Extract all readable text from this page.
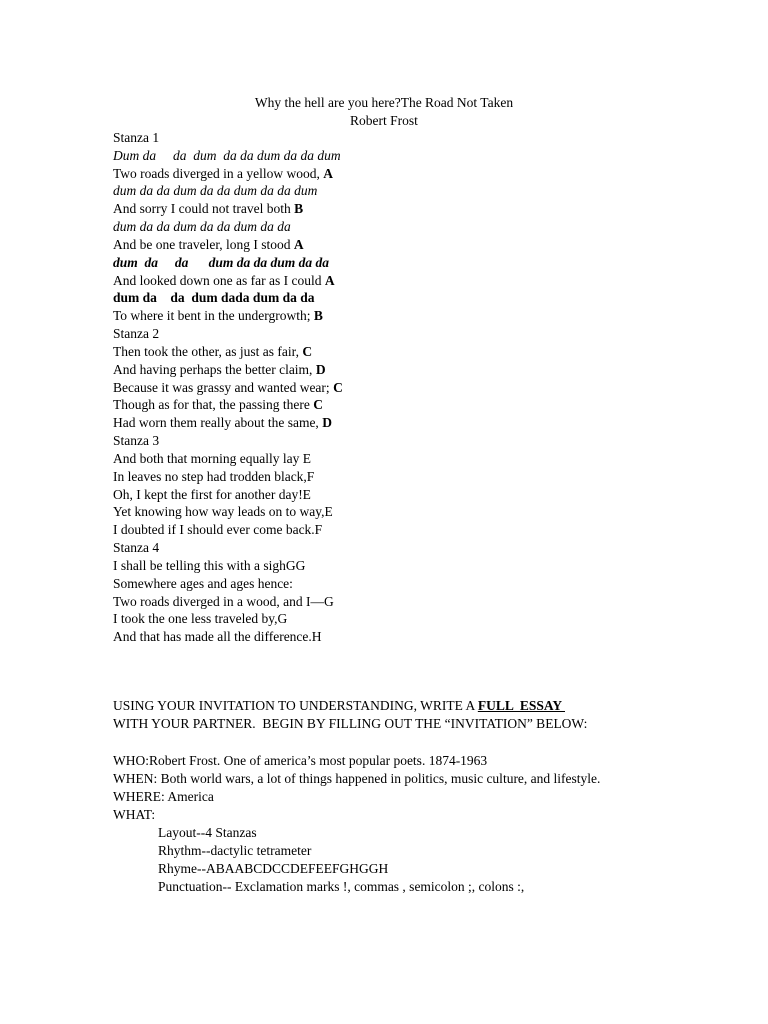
Why the hell are you here?The Road Not Taken
Robert Frost
Stanza 1
Dum da     da  dum  da da dum da da dum
Two roads diverged in a yellow wood, A
dum da da dum da da dum da da dum
And sorry I could not travel both B
dum da da dum da da dum da da
And be one traveler, long I stood A
dum  da     da      dum da da dum da da
And looked down one as far as I could A
dum da    da  dum dada dum da da
To where it bent in the undergrowth; B
Stanza 2
Then took the other, as just as fair, C
And having perhaps the better claim, D
Because it was grassy and wanted wear; C
Though as for that, the passing there C
Had worn them really about the same, D
Stanza 3
And both that morning equally lay E
In leaves no step had trodden black,F
Oh, I kept the first for another day!E
Yet knowing how way leads on to way,E
I doubted if I should ever come back.F
Stanza 4
I shall be telling this with a sighGG
Somewhere ages and ages hence:
Two roads diverged in a wood, and I—G
I took the one less traveled by,G
And that has made all the difference.H
USING YOUR INVITATION TO UNDERSTANDING, WRITE A FULL  ESSAY
WITH YOUR PARTNER.  BEGIN BY FILLING OUT THE “INVITATION” BELOW:
WHO:Robert Frost. One of america’s most popular poets. 1874-1963
WHEN: Both world wars, a lot of things happened in politics, music culture, and lifestyle.
WHERE: America
WHAT:
Layout--4 Stanzas
Rhythm--dactylic tetrameter
Rhyme--ABAABCDCCDEFEEFGHGGH
Punctuation-- Exclamation marks !, commas , semicolon ;, colons :,
